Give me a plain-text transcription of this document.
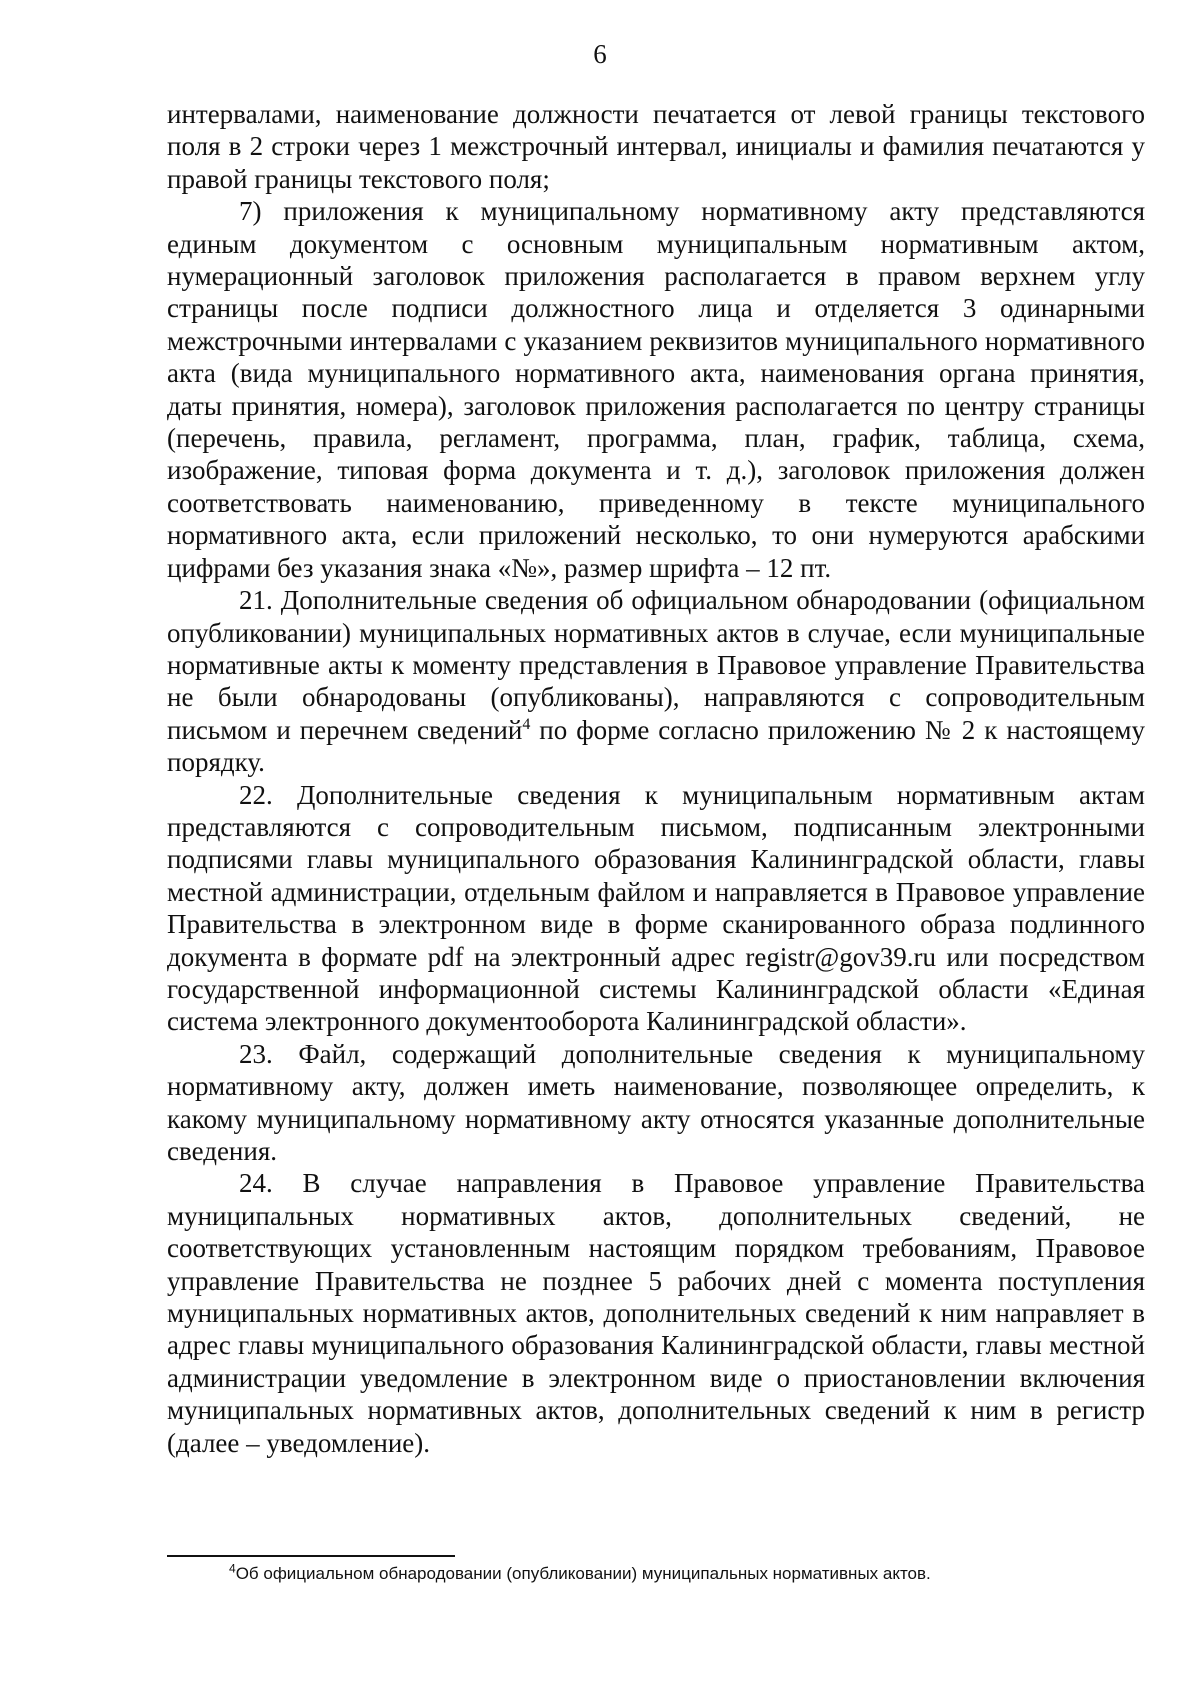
6

интервалами, наименование должности печатается от левой границы текстового поля в 2 строки через 1 межстрочный интервал, инициалы и фамилия печатаются у правой границы текстового поля;

7) приложения к муниципальному нормативному акту представляются единым документом с основным муниципальным нормативным актом, нумерационный заголовок приложения располагается в правом верхнем углу страницы после подписи должностного лица и отделяется 3 одинарными межстрочными интервалами с указанием реквизитов муниципального нормативного акта (вида муниципального нормативного акта, наименования органа принятия, даты принятия, номера), заголовок приложения располагается по центру страницы (перечень, правила, регламент, программа, план, график, таблица, схема, изображение, типовая форма документа и т. д.), заголовок приложения должен соответствовать наименованию, приведенному в тексте муниципального нормативного акта, если приложений несколько, то они нумеруются арабскими цифрами без указания знака «№», размер шрифта – 12 пт.

21. Дополнительные сведения об официальном обнародовании (официальном опубликовании) муниципальных нормативных актов в случае, если муниципальные нормативные акты к моменту представления в Правовое управление Правительства не были обнародованы (опубликованы), направляются с сопроводительным письмом и перечнем сведений$^4$ по форме согласно приложению № 2 к настоящему порядку.

22. Дополнительные сведения к муниципальным нормативным актам представляются с сопроводительным письмом, подписанным электронными подписями главы муниципального образования Калининградской области, главы местной администрации, отдельным файлом и направляется в Правовое управление Правительства в электронном виде в форме сканированного образа подлинного документа в формате pdf на электронный адрес registr@gov39.ru или посредством государственной информационной системы Калининградской области «Единая система электронного документооборота Калининградской области».

23. Файл, содержащий дополнительные сведения к муниципальному нормативному акту, должен иметь наименование, позволяющее определить, к какому муниципальному нормативному акту относятся указанные дополнительные сведения.

24. В случае направления в Правовое управление Правительства муниципальных нормативных актов, дополнительных сведений, не соответствующих установленным настоящим порядком требованиям, Правовое управление Правительства не позднее 5 рабочих дней с момента поступления муниципальных нормативных актов, дополнительных сведений к ним направляет в адрес главы муниципального образования Калининградской области, главы местной администрации уведомление в электронном виде о приостановлении включения муниципальных нормативных актов, дополнительных сведений к ним в регистр (далее – уведомление).

$^4$Об официальном обнародовании (опубликовании) муниципальных нормативных актов.
